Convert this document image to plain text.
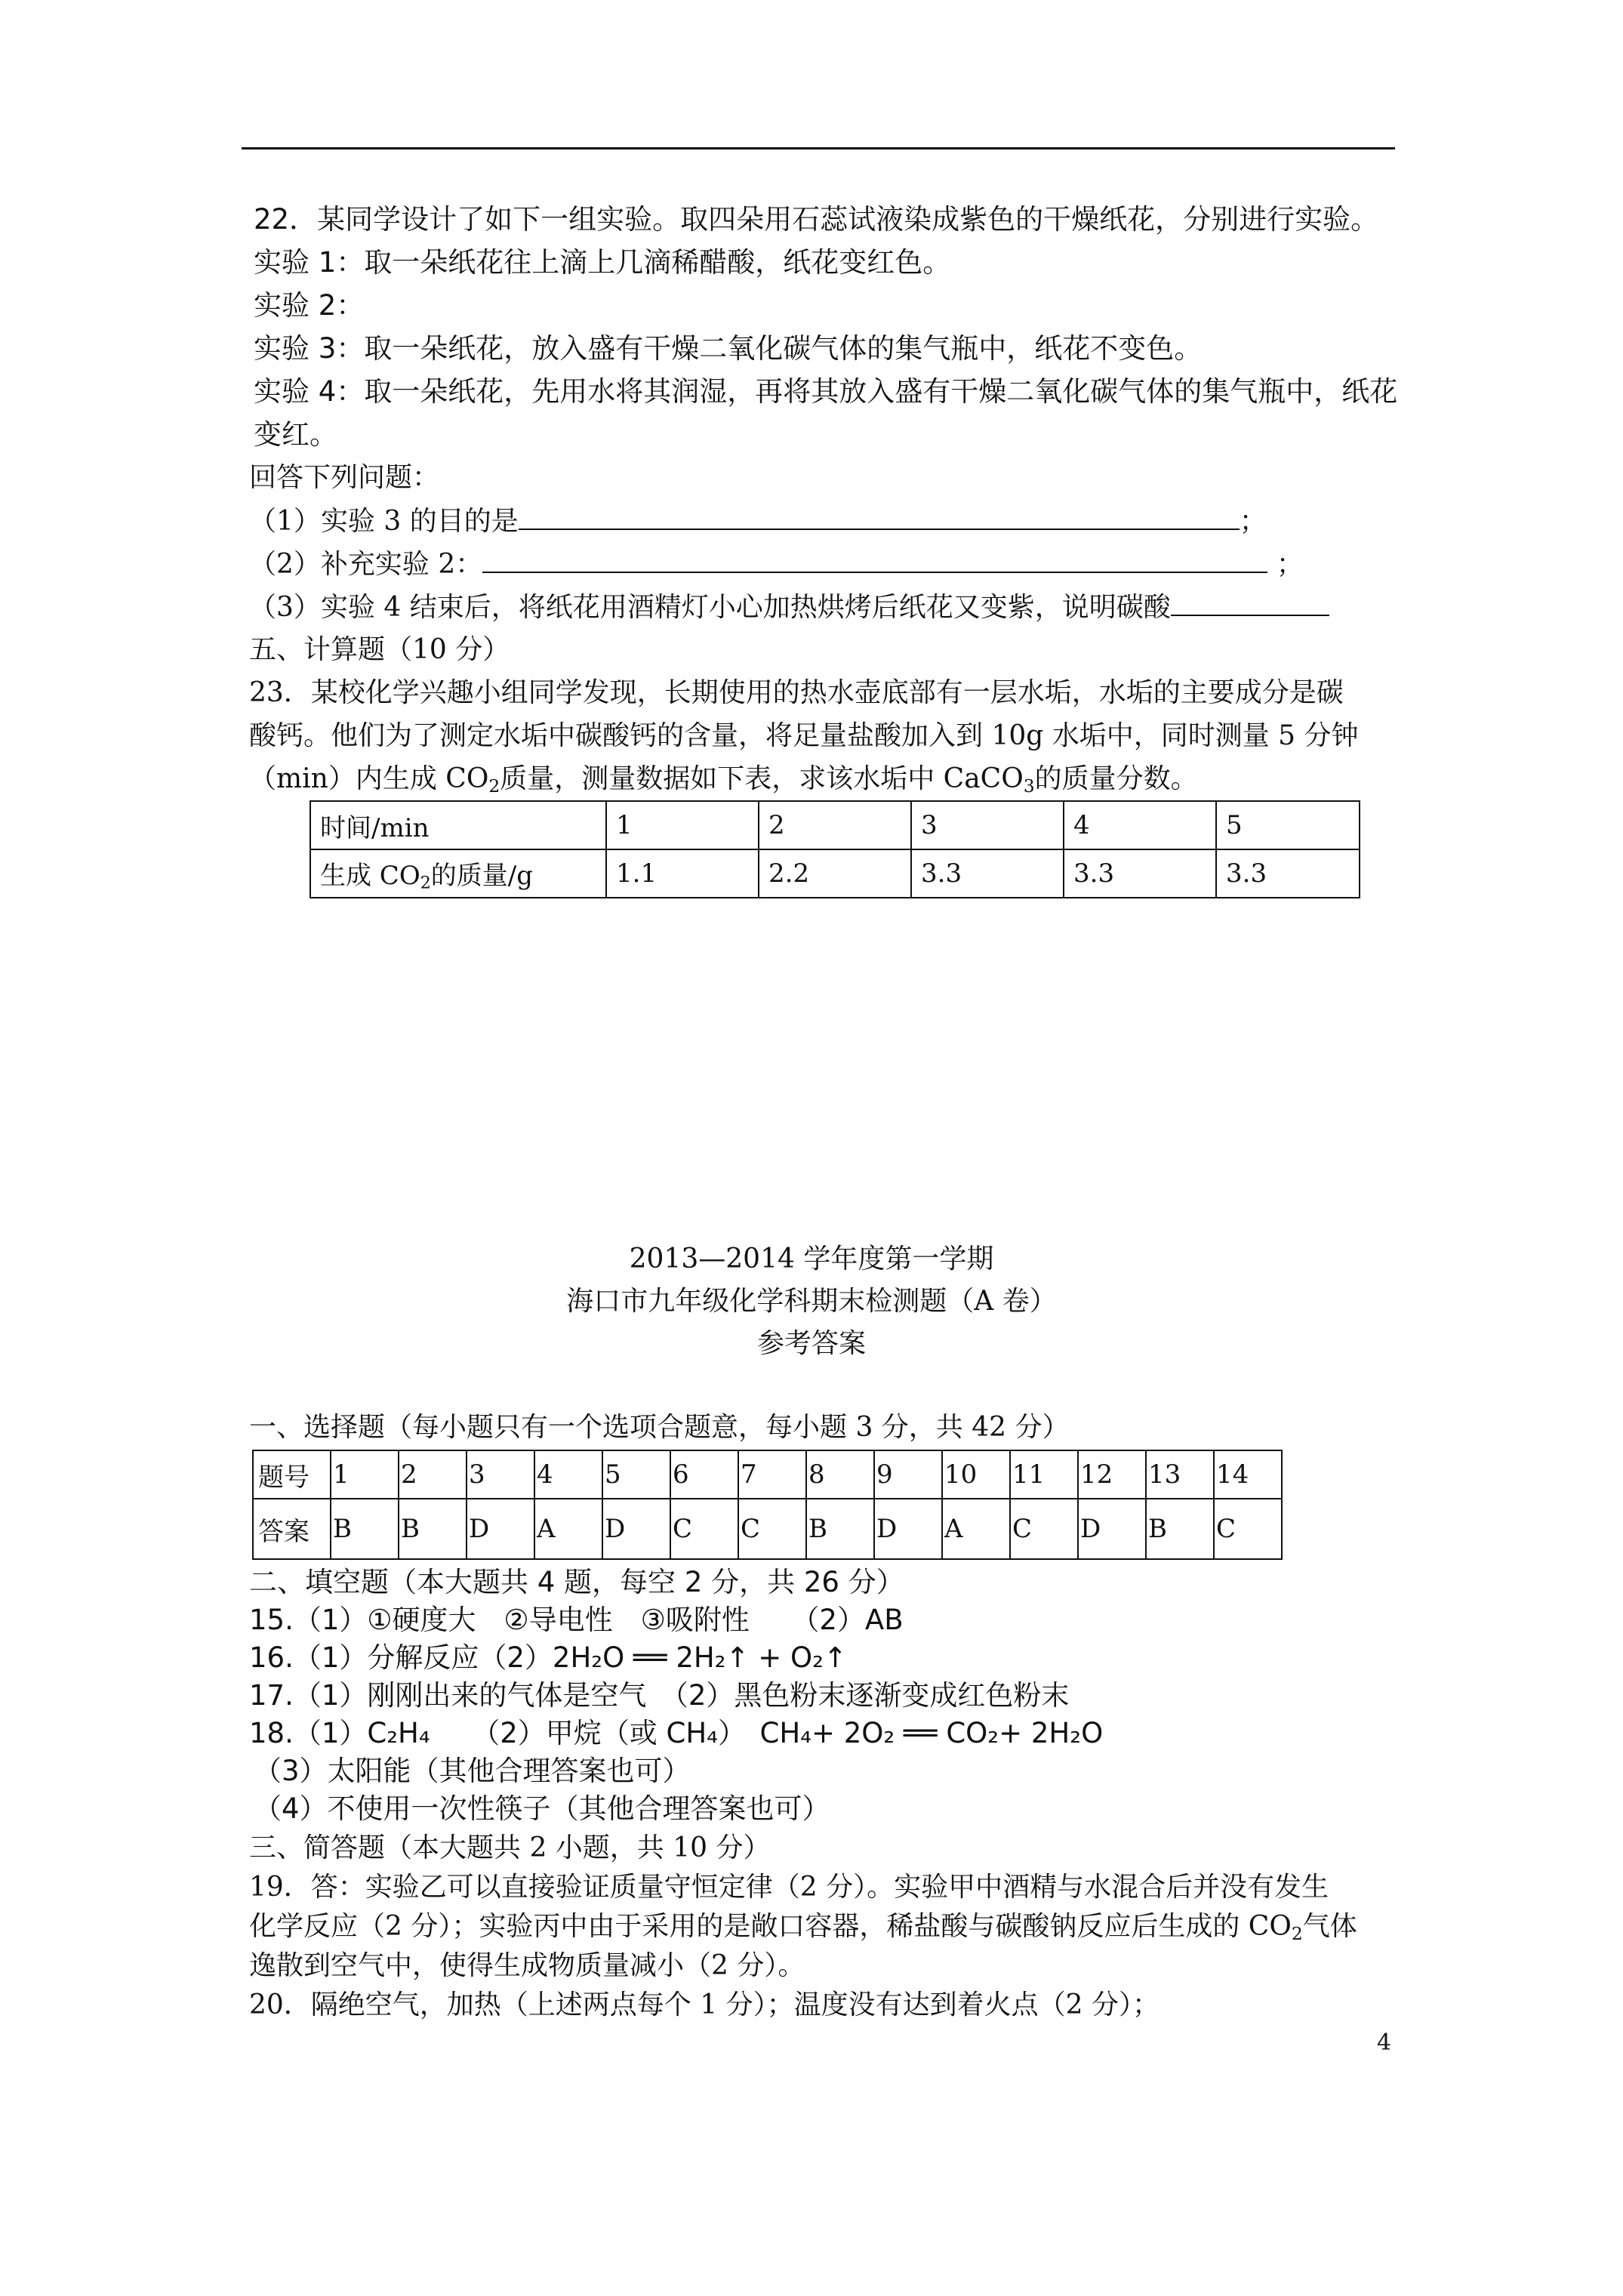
22．某同学设计了如下一组实验。取四朵用石蕊试液染成紫色的干燥纸花，分别进行实验。
实验 1：取一朵纸花往上滴上几滴稀醋酸，纸花变红色。
实验 2：
实验 3：取一朵纸花，放入盛有干燥二氧化碳气体的集气瓶中，纸花不变色。
实验 4：取一朵纸花，先用水将其润湿，再将其放入盛有干燥二氧化碳气体的集气瓶中，纸花
变红。
回答下列问题：
（1）实验 3 的目的是	；
（2）补充实验 2：	；
（3）实验 4 结束后，将纸花用酒精灯小心加热烘烤后纸花又变紫，说明碳酸
五、计算题（10 分）
23．某校化学兴趣小组同学发现，长期使用的热水壶底部有一层水垢，水垢的主要成分是碳
酸钙。他们为了测定水垢中碳酸钙的含量，将足量盐酸加入到 10g 水垢中，同时测量 5 分钟
（min）内生成 $CO_2$质量，测量数据如下表，求该水垢中 CaCO$_3$的质量分数。
时间/min	1	2	3	4	5
生成 $CO_2$的质量/g	1.1	2.2	3.3	3.3	3.3
2013—2014 学年度第一学期
海口市九年级化学科期末检测题（A 卷）
参考答案
一、选择题（每小题只有一个选项合题意，每小题 3 分，共 42 分）
题号	1	2	3	4	5	6	7	8	9	10	11	12	13	14
答案	B	B	D	A	D	C	C	B	D	A	C	D	B	C
二、填空题（本大题共 4 题，每空 2 分，共 26 分）
15.（1）①硬度大　②导电性　③吸附性　　（2）AB
16.（1）分解反应（2）2H₂O ══ 2H₂↑ + O₂↑
17.（1）刚刚出来的气体是空气　（2）黑色粉末逐渐变成红色粉末
18.（1）C₂H₄　　（2）甲烷（或 CH₄）　CH₄+ 2O₂ ══ CO₂+ 2H₂O
（3）太阳能（其他合理答案也可）
（4）不使用一次性筷子（其他合理答案也可）
三、简答题（本大题共 2 小题，共 10 分）
19．答：实验乙可以直接验证质量守恒定律（2 分）。实验甲中酒精与水混合后并没有发生
化学反应（2 分）；实验丙中由于采用的是敞口容器，稀盐酸与碳酸钠反应后生成的 $CO_2$气体
逸散到空气中，使得生成物质量减小（2 分）。
20．隔绝空气，加热（上述两点每个 1 分）；温度没有达到着火点（2 分）；
4
